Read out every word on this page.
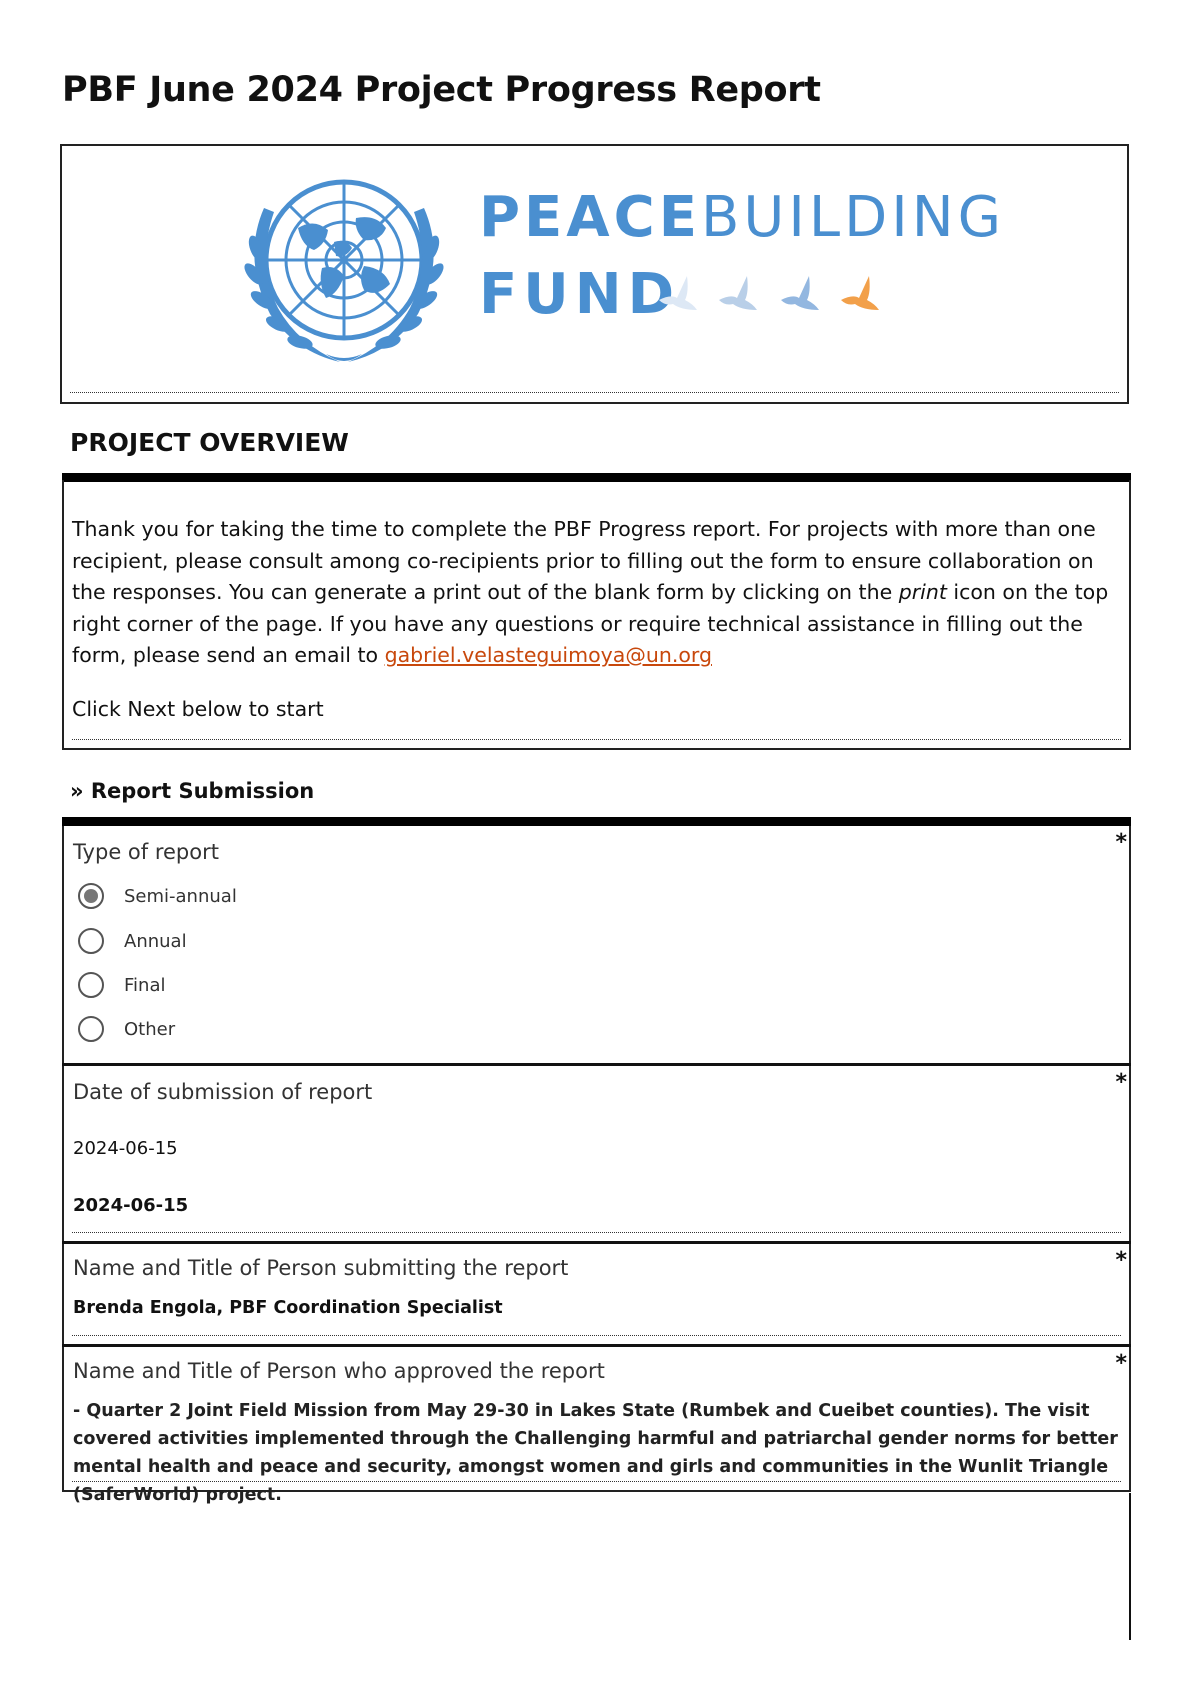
PBF June 2024 Project Progress Report
PEACEBUILDING
FUND
PROJECT OVERVIEW

Thank you for taking the time to complete the PBF Progress report. For projects with more than one recipient, please consult among co-recipients prior to filling out the form to ensure collaboration on the responses. You can generate a print out of the blank form by clicking on the print icon on the top right corner of the page. If you have any questions or require technical assistance in filling out the form, please send an email to gabriel.velasteguimoya@un.org

Click Next below to start

» Report Submission
*
Type of report
Semi-annual
Annual
Final
Other
*
Date of submission of report
2024-06-15
2024-06-15
*
Name and Title of Person submitting the report
Brenda Engola, PBF Coordination Specialist
*
Name and Title of Person who approved the report
- Quarter 2 Joint Field Mission from May 29-30 in Lakes State (Rumbek and Cueibet counties). The visit covered activities implemented through the Challenging harmful and patriarchal gender norms for better mental health and peace and security, amongst women and girls and communities in the Wunlit Triangle (SaferWorld) project.
